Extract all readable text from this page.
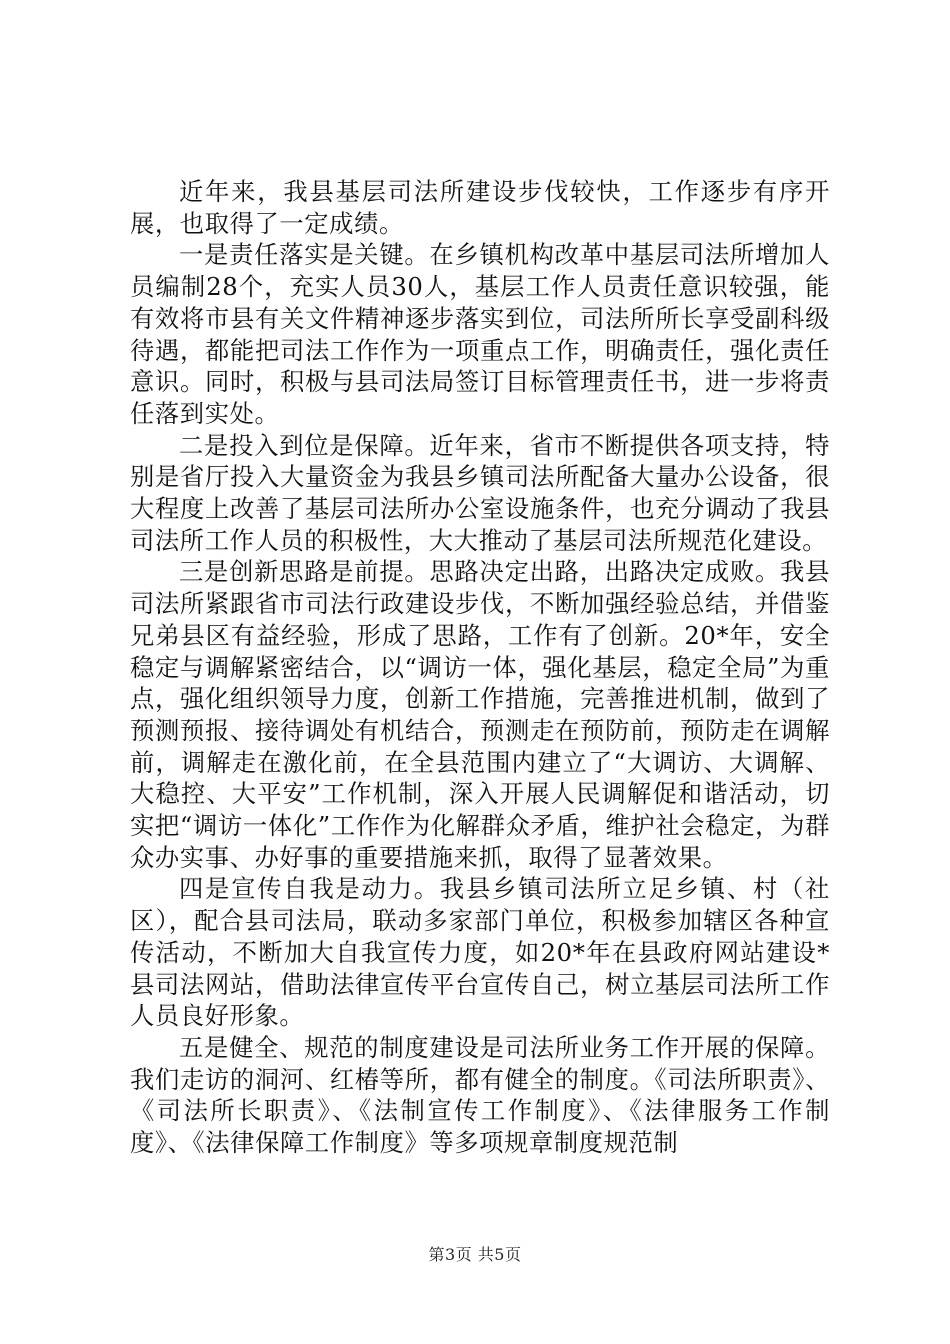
近年来，我县基层司法所建设步伐较快，工作逐步有序开展，也取得了一定成绩。

一是责任落实是关键。在乡镇机构改革中基层司法所增加人员编制28个，充实人员30人，基层工作人员责任意识较强，能有效将市县有关文件精神逐步落实到位，司法所所长享受副科级待遇，都能把司法工作作为一项重点工作，明确责任，强化责任意识。同时，积极与县司法局签订目标管理责任书，进一步将责任落到实处。

二是投入到位是保障。近年来，省市不断提供各项支持，特别是省厅投入大量资金为我县乡镇司法所配备大量办公设备，很大程度上改善了基层司法所办公室设施条件，也充分调动了我县司法所工作人员的积极性，大大推动了基层司法所规范化建设。

三是创新思路是前提。思路决定出路，出路决定成败。我县司法所紧跟省市司法行政建设步伐，不断加强经验总结，并借鉴兄弟县区有益经验，形成了思路，工作有了创新。20*年，安全稳定与调解紧密结合，以“调访一体，强化基层，稳定全局”为重点，强化组织领导力度，创新工作措施，完善推进机制，做到了预测预报、接待调处有机结合，预测走在预防前，预防走在调解前，调解走在激化前，在全县范围内建立了“大调访、大调解、大稳控、大平安”工作机制，深入开展人民调解促和谐活动，切实把“调访一体化”工作作为化解群众矛盾，维护社会稳定，为群众办实事、办好事的重要措施来抓，取得了显著效果。

四是宣传自我是动力。我县乡镇司法所立足乡镇、村（社区），配合县司法局，联动多家部门单位，积极参加辖区各种宣传活动，不断加大自我宣传力度，如20*年在县政府网站建设*县司法网站，借助法律宣传平台宣传自己，树立基层司法所工作人员良好形象。

五是健全、规范的制度建设是司法所业务工作开展的保障。我们走访的洞河、红椿等所，都有健全的制度。《司法所职责》、《司法所长职责》、《法制宣传工作制度》、《法律服务工作制度》、《法律保障工作制度》等多项规章制度规范制

第3页 共5页
